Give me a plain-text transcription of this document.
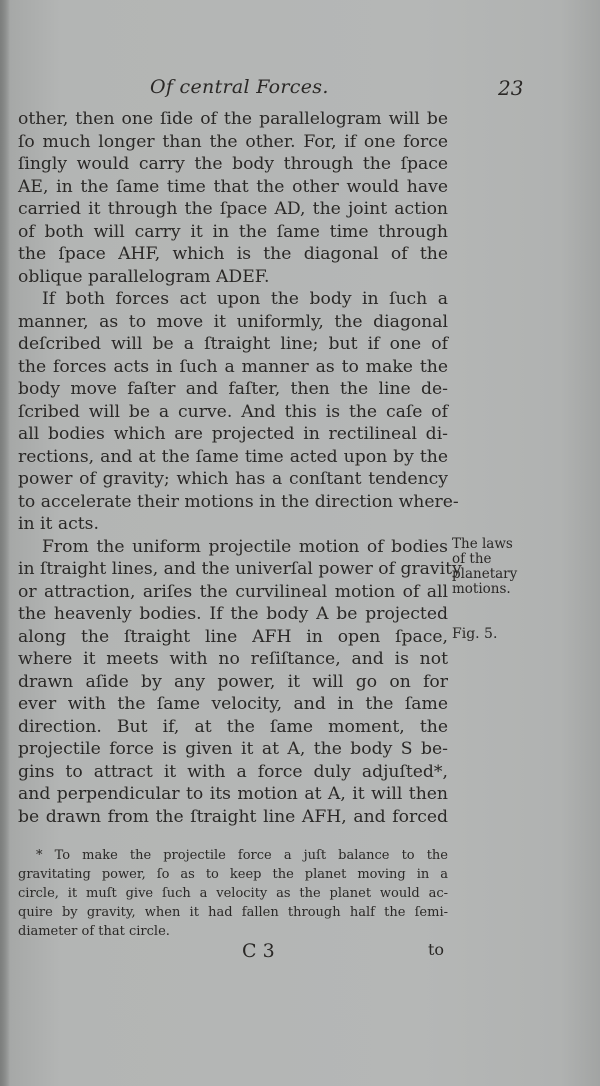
Of central Forces.	23
other, then one ſide of the parallelogram will be
ſo much longer than the other. For, if one force
ſingly would carry the body through the ſpace
AE, in the ſame time that the other would have
carried it through the ſpace AD, the joint action
of both will carry it in the ſame time through
the ſpace AHF, which is the diagonal of the
oblique parallelogram ADEF.
If both forces act upon the body in ſuch a
manner, as to move it uniformly, the diagonal
deſcribed will be a ſtraight line; but if one of
the forces acts in ſuch a manner as to make the
body move faſter and faſter, then the line de-
ſcribed will be a curve. And this is the caſe of
all bodies which are projected in rectilineal di-
rections, and at the ſame time acted upon by the
power of gravity; which has a conſtant tendency
to accelerate their motions in the direction where-
in it acts.
From the uniform projectile motion of bodies
in ſtraight lines, and the univerſal power of gravity
or attraction, ariſes the curvilineal motion of all
the heavenly bodies. If the body A be projected
along the ſtraight line AFH in open ſpace,
where it meets with no reſiſtance, and is not
drawn aſide by any power, it will go on for
ever with the ſame velocity, and in the ſame
direction. But if, at the ſame moment, the
projectile force is given it at A, the body S be-
gins to attract it with a force duly adjuſted*,
and perpendicular to its motion at A, it will then
be drawn from the ſtraight line AFH, and forced
The laws
of the
planetary
motions.
Fig. 5.
* To make the projectile force a juſt balance to the
gravitating power, ſo as to keep the planet moving in a
circle, it muſt give ſuch a velocity as the planet would ac-
quire by gravity, when it had fallen through half the ſemi-
diameter of that circle.
C 3	to
